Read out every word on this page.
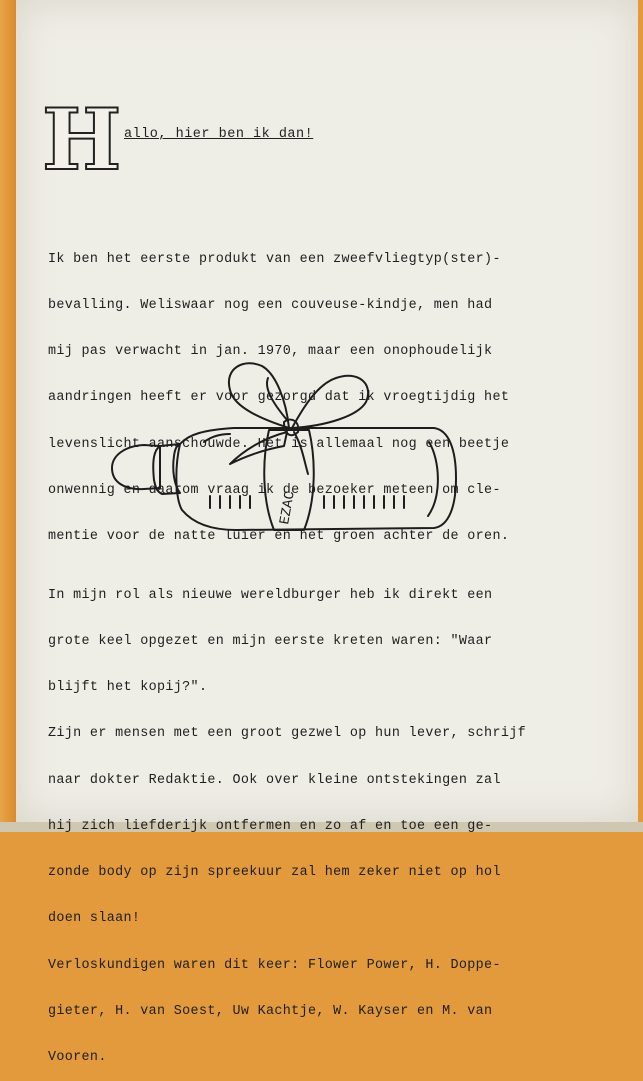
H allo, hier ben ik dan!

Ik ben het eerste produkt van een zweefvliegtyp(ster)-

bevalling. Weliswaar nog een couveuse-kindje, men had

mij pas verwacht in jan. 1970, maar een onophoudelijk

aandringen heeft er voor gezorgd dat ik vroegtijdig het

levenslicht aanschouwde. Het is allemaal nog een beetje

onwennig en daarom vraag ik de bezoeker meteen om cle-

mentie voor de natte luier en het groen achter de oren.

EZAC

In mijn rol als nieuwe wereldburger heb ik direkt een

grote keel opgezet en mijn eerste kreten waren: "Waar

blijft het kopij?".

Zijn er mensen met een groot gezwel op hun lever, schrijf

naar dokter Redaktie. Ook over kleine ontstekingen zal

hij zich liefderijk ontfermen en zo af en toe een ge-

zonde body op zijn spreekuur zal hem zeker niet op hol

doen slaan!

Verloskundigen waren dit keer: Flower Power, H. Doppe-

gieter, H. van Soest, Uw Kachtje, W. Kayser en M. van

Vooren.
